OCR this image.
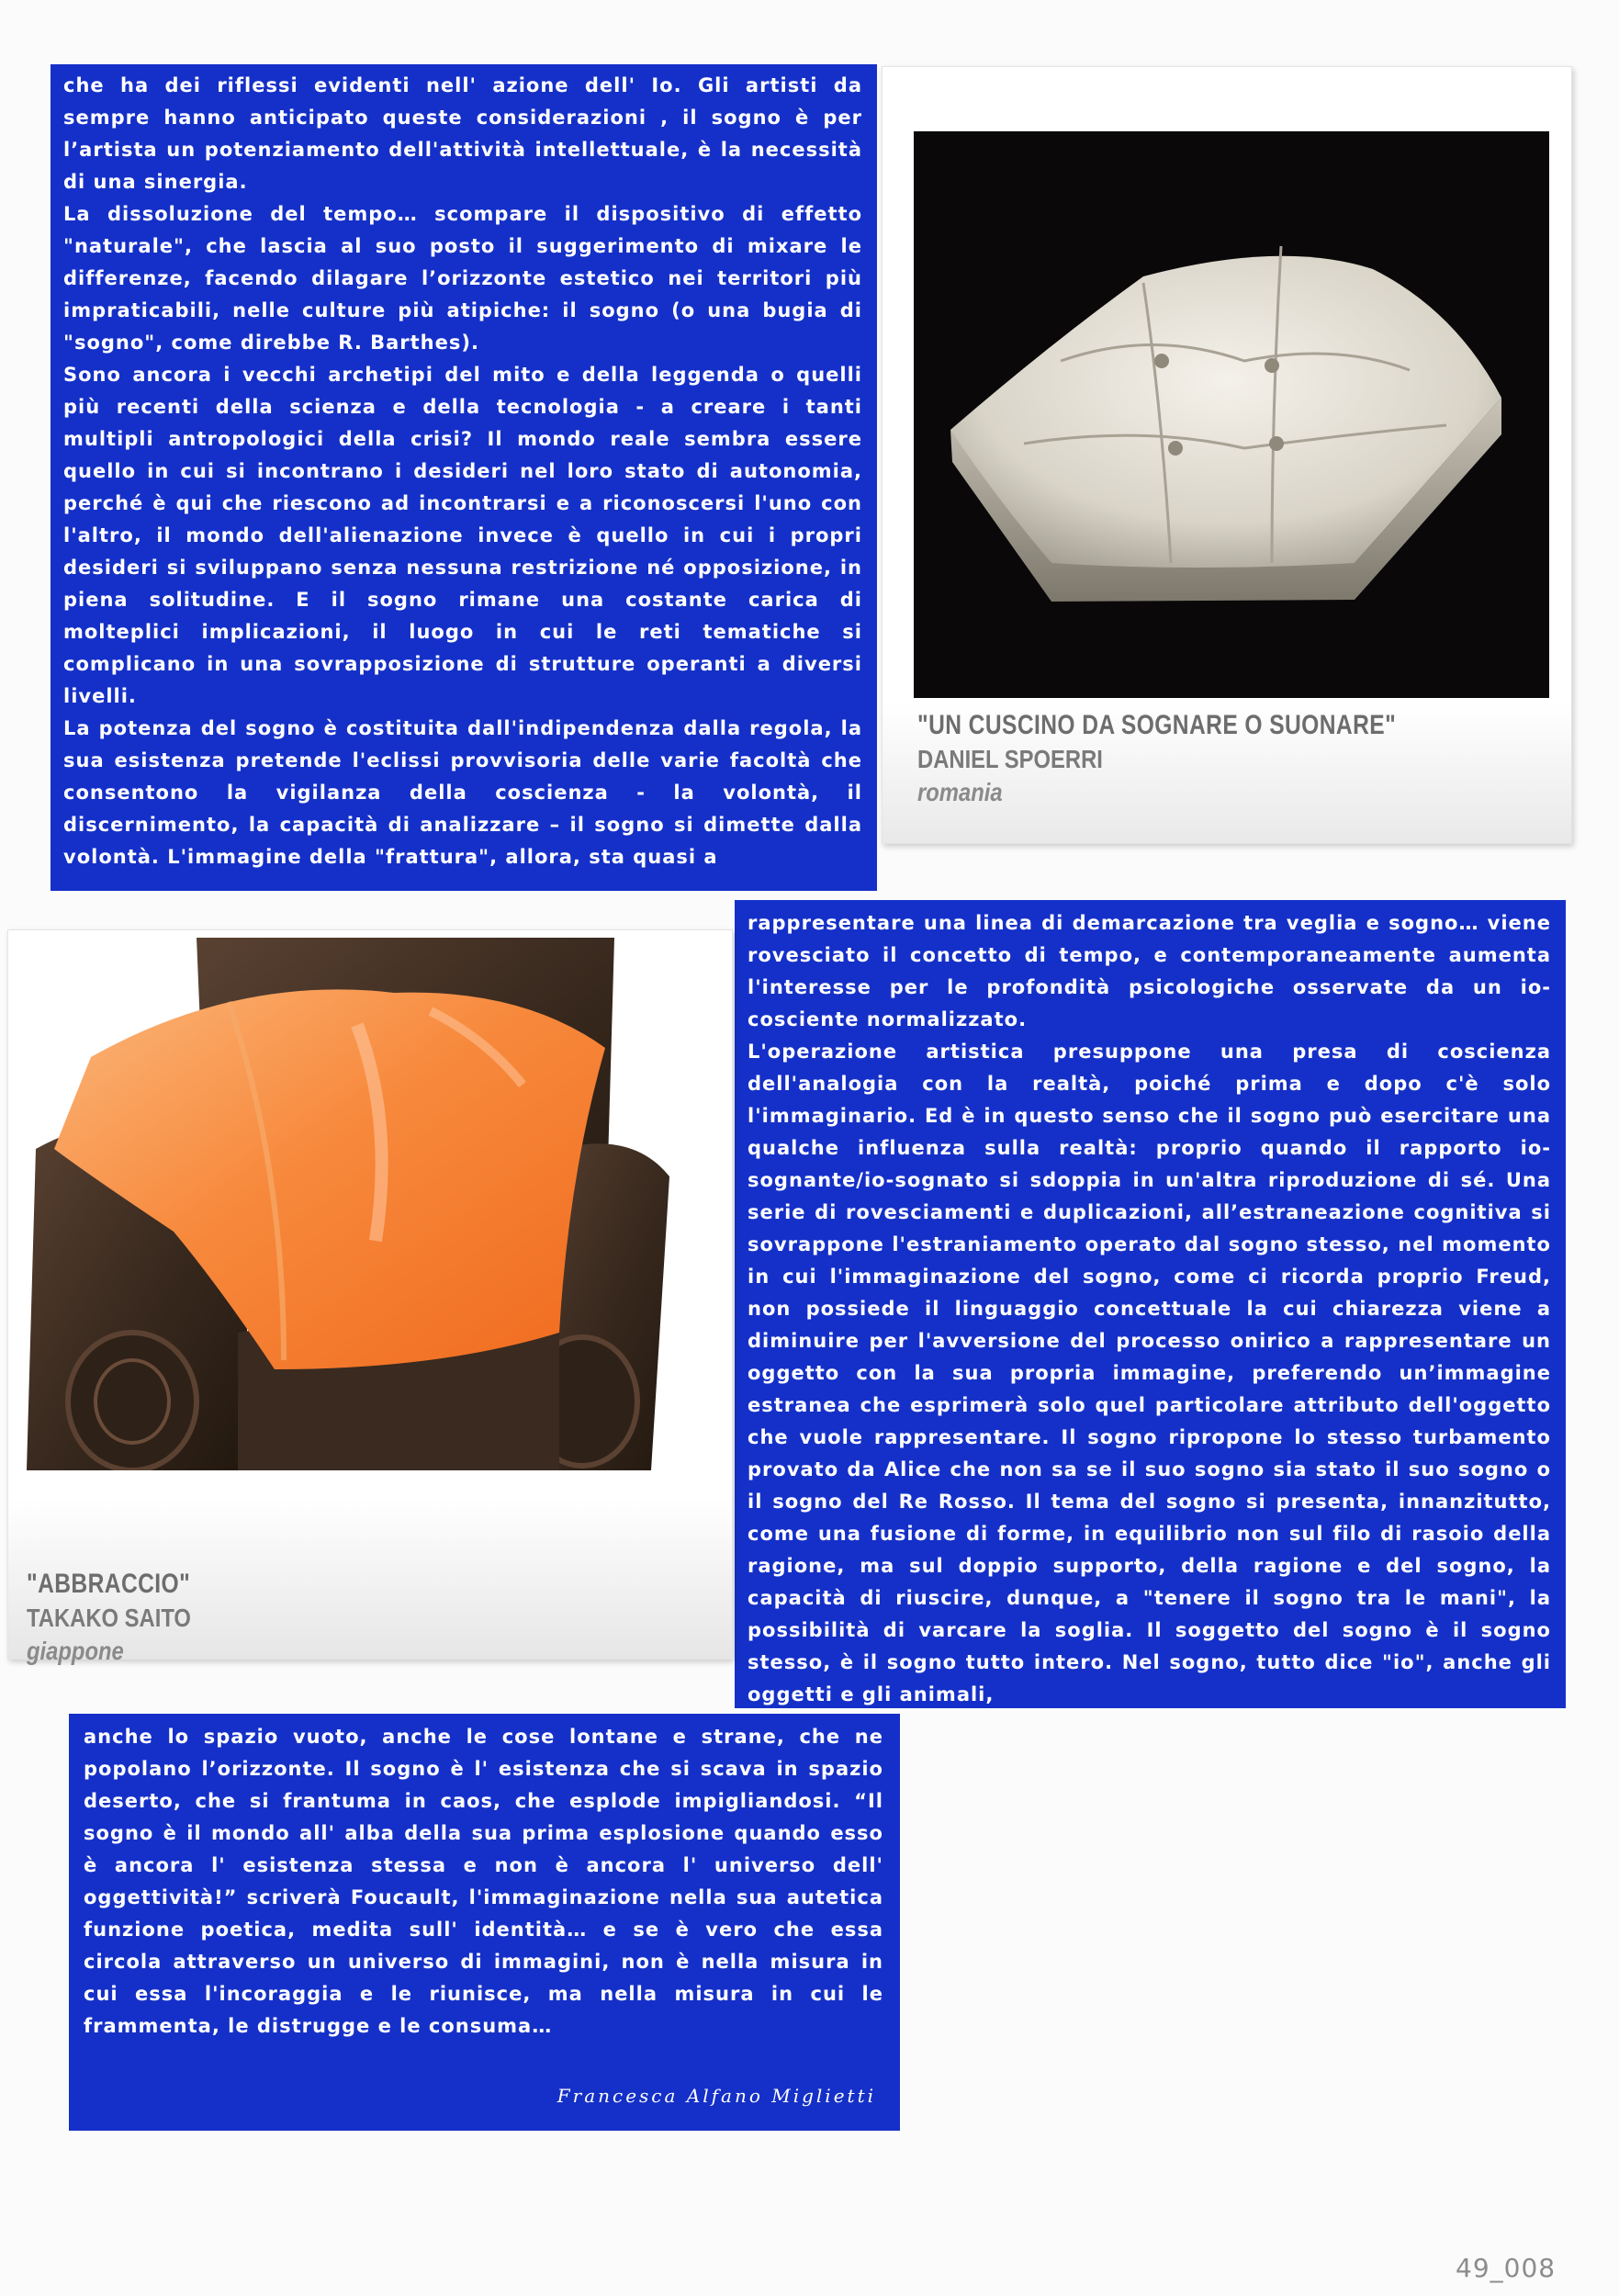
che ha dei riflessi evidenti nell' azione dell' Io. Gli artisti da sempre hanno anticipato queste considerazioni , il sogno è per l’artista un potenziamento dell'attività intellettuale, è la necessità di una sinergia.

La dissoluzione del tempo… scompare il dispositivo di effetto "naturale", che lascia al suo posto il suggerimento di mixare le differenze, facendo dilagare l’orizzonte estetico nei territori più impraticabili, nelle culture più atipiche: il sogno (o una bugia di "sogno", come direbbe R. Barthes).

Sono ancora i vecchi archetipi del mito e della leggenda o quelli più recenti della scienza e della tecnologia - a creare i tanti multipli antropologici della crisi? Il mondo reale sembra essere quello in cui si incontrano i desideri nel loro stato di autonomia, perché è qui che riescono ad incontrarsi e a riconoscersi l'uno con l'altro, il mondo dell'alienazione invece è quello in cui i propri desideri si sviluppano senza nessuna restrizione né opposizione, in piena solitudine. E il sogno rimane una costante carica di molteplici implicazioni, il luogo in cui le reti tematiche si complicano in una sovrapposizione di strutture operanti a diversi livelli.

La potenza del sogno è costituita dall'indipendenza dalla regola, la sua esistenza pretende l'eclissi provvisoria delle varie facoltà che consentono la vigilanza della coscienza - la volontà, il discernimento, la capacità di analizzare – il sogno si dimette dalla volontà. L'immagine della "frattura", allora, sta quasi a

"UN CUSCINO DA SOGNARE O SUONARE"
DANIEL SPOERRI
romania

rappresentare una linea di demarcazione tra veglia e sogno… viene rovesciato il concetto di tempo, e contemporaneamente aumenta l'interesse per le profondità psicologiche osservate da un io-cosciente normalizzato.

L'operazione artistica presuppone una presa di coscienza dell'analogia con la realtà, poiché prima e dopo c'è solo l'immaginario. Ed è in questo senso che il sogno può esercitare una qualche influenza sulla realtà: proprio quando il rapporto io-sognante/io-sognato si sdoppia in un'altra riproduzione di sé. Una serie di rovesciamenti e duplicazioni, all’estraneazione cognitiva si sovrappone l'estraniamento operato dal sogno stesso, nel momento in cui l'immaginazione del sogno, come ci ricorda proprio Freud, non possiede il linguaggio concettuale la cui chiarezza viene a diminuire per l'avversione del processo onirico a rappresentare un oggetto con la sua propria immagine, preferendo un’immagine estranea che esprimerà solo quel particolare attributo dell'oggetto che vuole rappresentare. Il sogno ripropone lo stesso turbamento provato da Alice che non sa se il suo sogno sia stato il suo sogno o il sogno del Re Rosso. Il tema del sogno si presenta, innanzitutto, come una fusione di forme, in equilibrio non sul filo di rasoio della ragione, ma sul doppio supporto, della ragione e del sogno, la capacità di riuscire, dunque, a "tenere il sogno tra le mani", la possibilità di varcare la soglia. Il soggetto del sogno è il sogno stesso, è il sogno tutto intero. Nel sogno, tutto dice "io", anche gli oggetti e gli animali,

"ABBRACCIO"
TAKAKO SAITO
giappone

anche lo spazio vuoto, anche le cose lontane e strane, che ne popolano l’orizzonte. Il sogno è l' esistenza che si scava in spazio deserto, che si frantuma in caos, che esplode impigliandosi. “Il sogno è il mondo all' alba della sua prima esplosione quando esso è ancora l' esistenza stessa e non è ancora l' universo dell' oggettività!” scriverà Foucault, l'immaginazione nella sua autetica funzione poetica, medita sull' identità… e se è vero che essa circola attraverso un universo di immagini, non è nella misura in cui essa l'incoraggia e le riunisce, ma nella misura in cui le frammenta, le distrugge e le consuma…

Francesca Alfano Miglietti
49_008
